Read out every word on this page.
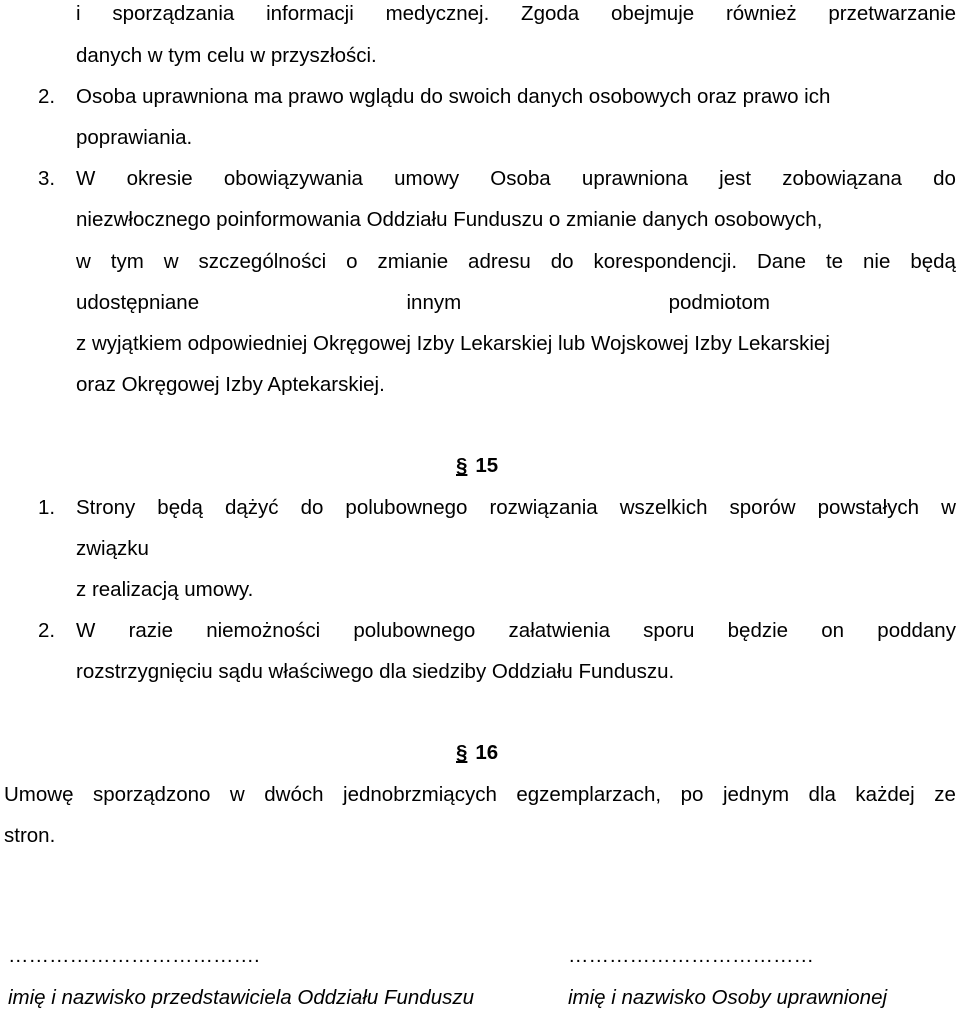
i sporządzania informacji medycznej. Zgoda obejmuje również przetwarzanie
danych w tym celu w przyszłości.
2. Osoba uprawniona ma prawo wglądu do swoich danych osobowych oraz prawo ich
poprawiania.
3. W okresie obowiązywania umowy Osoba uprawniona jest zobowiązana do
niezwłocznego poinformowania Oddziału Funduszu o zmianie danych osobowych,
w tym w szczególności o zmianie adresu do korespondencji. Dane te nie będą
udostępniane	innym	podmiotom
z wyjątkiem odpowiedniej Okręgowej Izby Lekarskiej lub Wojskowej Izby Lekarskiej
oraz Okręgowej Izby Aptekarskiej.
§ 15
1. Strony będą dążyć do polubownego rozwiązania wszelkich sporów powstałych w
związku
z realizacją umowy.
2. W razie niemożności polubownego załatwienia sporu będzie on poddany
rozstrzygnięciu sądu właściwego dla siedziby Oddziału Funduszu.
§ 16
Umowę sporządzono w dwóch jednobrzmiących egzemplarzach, po jednym dla każdej ze
stron.
……………………………….	………………………………
imię i nazwisko przedstawiciela Oddziału Funduszu	imię i nazwisko Osoby uprawnionej
